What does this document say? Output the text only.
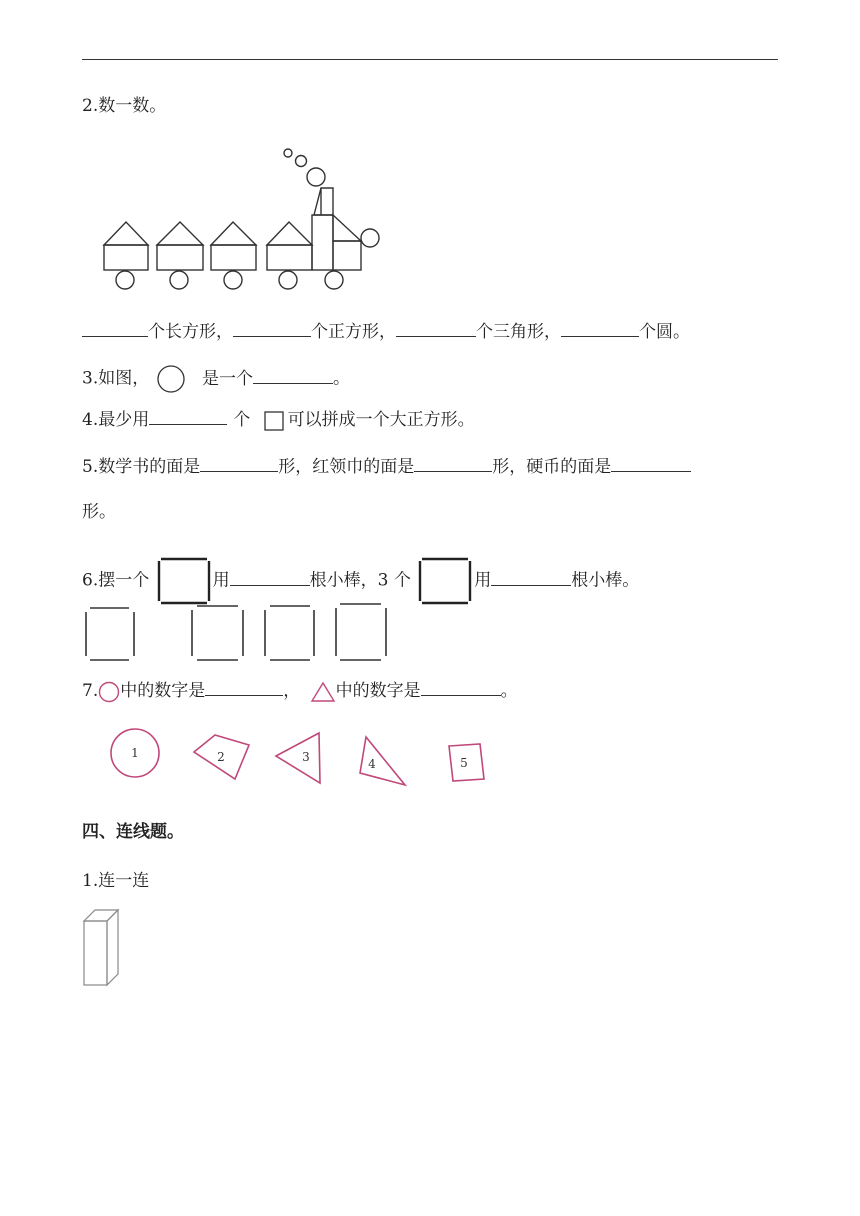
2.数一数。
个长方形，	个正方形，	个三角形，	个圆。
3.如图，	是一个	。
4.最少用	个 可以拼成一个大正方形。
5.数学书的面是	形，红领巾的面是	形，硬币的面是
形。
6.摆一个	用	根小棒，3 个	用	根小棒。
7. 中的数字是	， 中的数字是	。
1	2	3	4	5
四、连线题。
1.连一连
